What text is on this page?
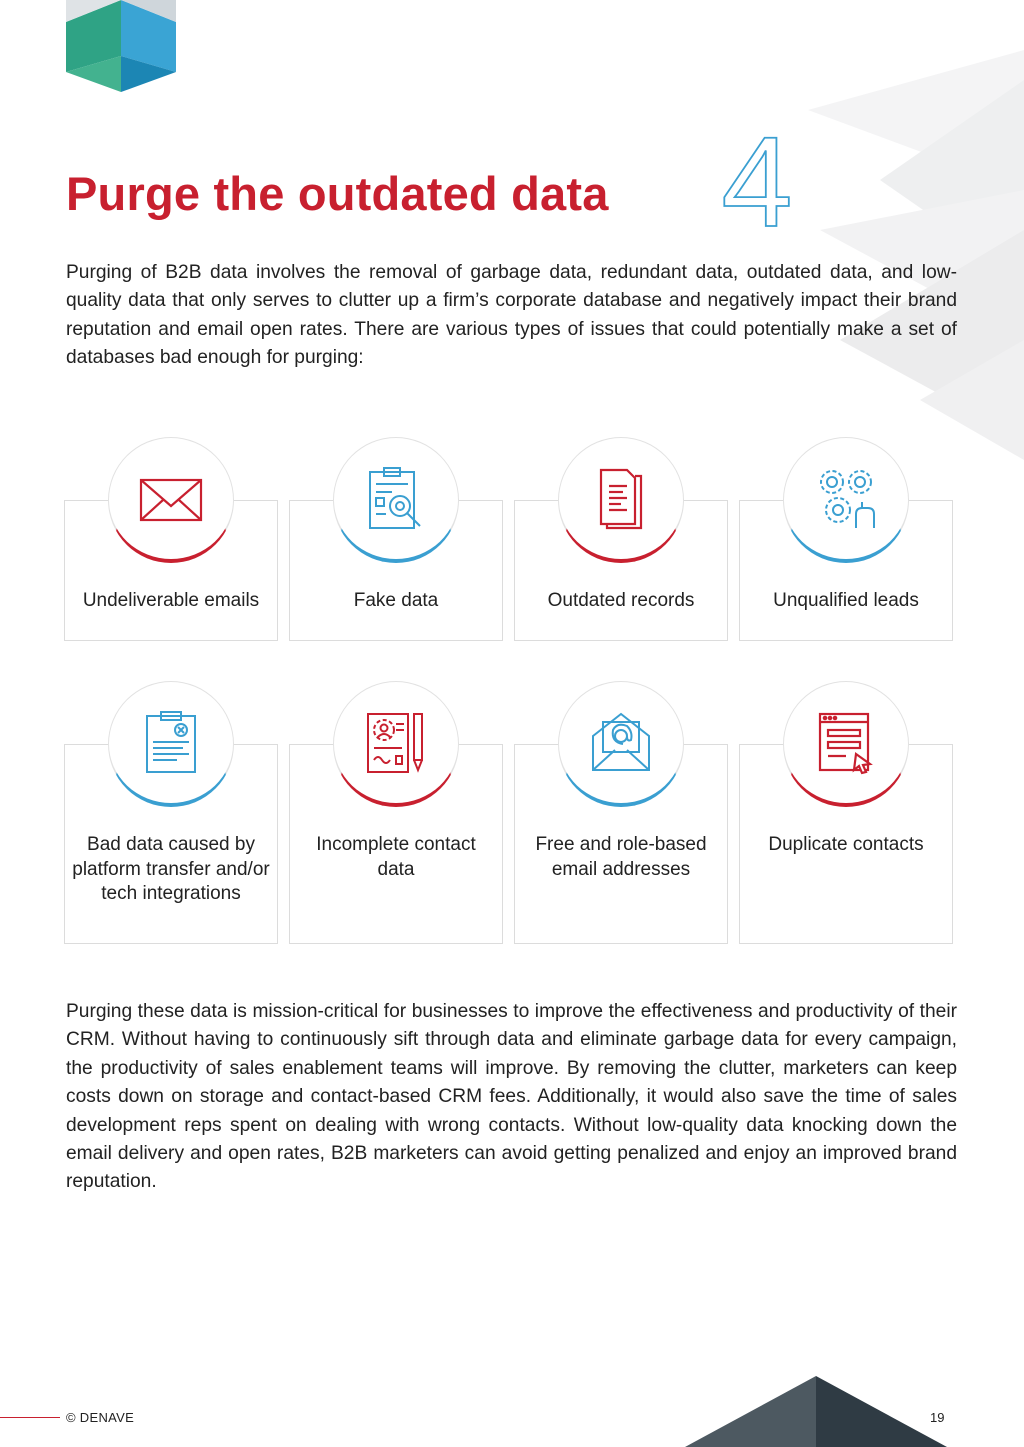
Purge the outdated data 4

Purging of B2B data involves the removal of garbage data, redundant data, outdated data, and low-quality data that only serves to clutter up a firm’s corporate database and negatively impact their brand reputation and email open rates. There are various types of issues that could potentially make a set of databases bad enough for purging:

Undeliverable emails	Fake data	Outdated records	Unqualified leads
Bad data caused by platform transfer and/or tech integrations
Incomplete contact data
Free and role-based email addresses
Duplicate contacts

Purging these data is mission-critical for businesses to improve the effectiveness and productivity of their CRM. Without having to continuously sift through data and eliminate garbage data for every campaign, the productivity of sales enablement teams will improve. By removing the clutter, marketers can keep costs down on storage and contact-based CRM fees. Additionally, it would also save the time of sales development reps spent on dealing with wrong contacts. Without low-quality data knocking down the email delivery and open rates, B2B marketers can avoid getting penalized and enjoy an improved brand reputation.

© DENAVE	19
